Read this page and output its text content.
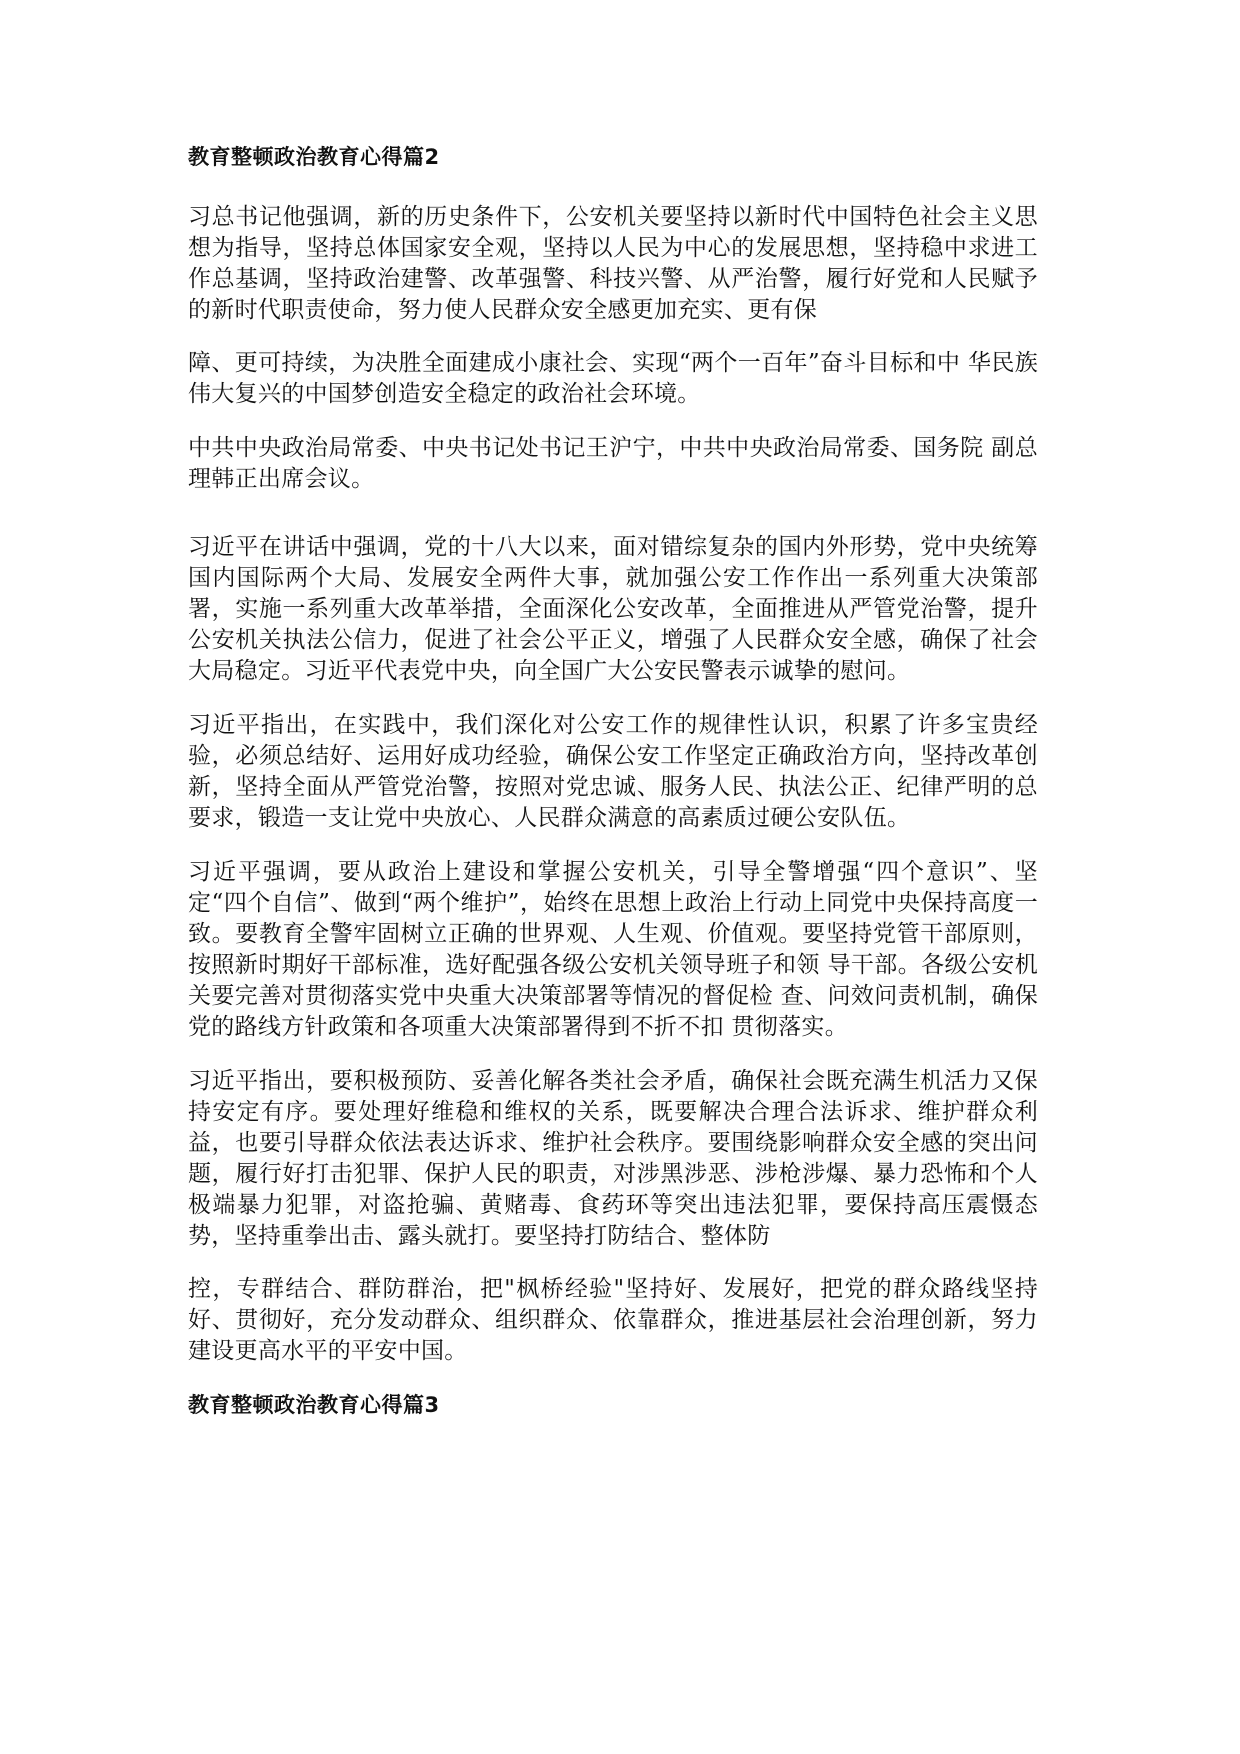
教育整顿政治教育心得篇2

习总书记他强调，新的历史条件下，公安机关要坚持以新时代中国特色社会主义思想为指导，坚持总体国家安全观，坚持以人民为中心的发展思想，坚持稳中求进工作总基调，坚持政治建警、改革强警、科技兴警、从严治警，履行好党和人民赋予的新时代职责使命，努力使人民群众安全感更加充实、更有保

障、更可持续，为决胜全面建成小康社会、实现“两个一百年”奋斗目标和中 华民族伟大复兴的中国梦创造安全稳定的政治社会环境。

中共中央政治局常委、中央书记处书记王沪宁，中共中央政治局常委、国务院 副总理韩正出席会议。

习近平在讲话中强调，党的十八大以来，面对错综复杂的国内外形势，党中央统筹国内国际两个大局、发展安全两件大事，就加强公安工作作出一系列重大决策部署，实施一系列重大改革举措，全面深化公安改革，全面推进从严管党治警，提升公安机关执法公信力，促进了社会公平正义，增强了人民群众安全感，确保了社会大局稳定。习近平代表党中央，向全国广大公安民警表示诚挚的慰问。

习近平指出，在实践中，我们深化对公安工作的规律性认识，积累了许多宝贵经验，必须总结好、运用好成功经验，确保公安工作坚定正确政治方向，坚持改革创新，坚持全面从严管党治警，按照对党忠诚、服务人民、执法公正、纪律严明的总要求，锻造一支让党中央放心、人民群众满意的高素质过硬公安队伍。

习近平强调，要从政治上建设和掌握公安机关，引导全警增强“四个意识”、坚定“四个自信”、做到“两个维护”，始终在思想上政治上行动上同党中央保持高度一致。要教育全警牢固树立正确的世界观、人生观、价值观。要坚持党管干部原则，按照新时期好干部标准，选好配强各级公安机关领导班子和领 导干部。各级公安机关要完善对贯彻落实党中央重大决策部署等情况的督促检 查、问效问责机制，确保党的路线方针政策和各项重大决策部署得到不折不扣 贯彻落实。

习近平指出，要积极预防、妥善化解各类社会矛盾，确保社会既充满生机活力又保持安定有序。要处理好维稳和维权的关系，既要解决合理合法诉求、维护群众利益，也要引导群众依法表达诉求、维护社会秩序。要围绕影响群众安全感的突出问题，履行好打击犯罪、保护人民的职责，对涉黑涉恶、涉枪涉爆、暴力恐怖和个人极端暴力犯罪，对盗抢骗、黄赌毒、食药环等突出违法犯罪，要保持高压震慑态势，坚持重拳出击、露头就打。要坚持打防结合、整体防

控，专群结合、群防群治，把"枫桥经验"坚持好、发展好，把党的群众路线坚持好、贯彻好，充分发动群众、组织群众、依靠群众，推进基层社会治理创新，努力建设更高水平的平安中国。

教育整顿政治教育心得篇3
